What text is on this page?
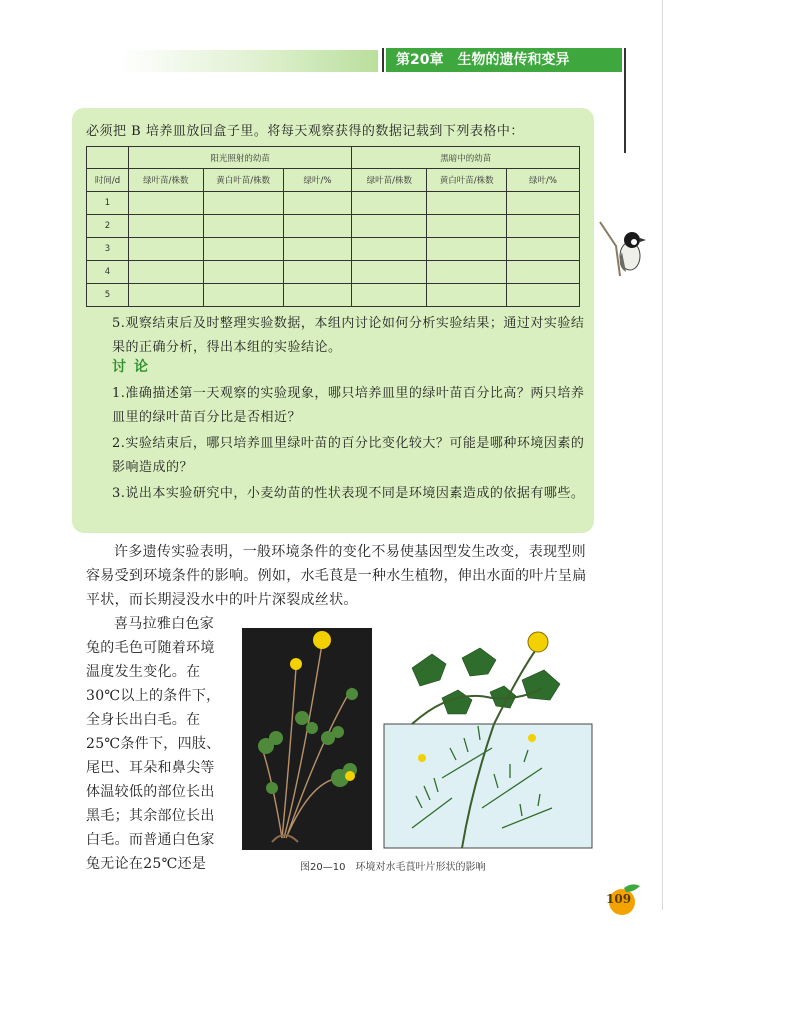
第20章 生物的遗传和变异
必须把 B 培养皿放回盒子里。将每天观察获得的数据记载到下列表格中：
	阳光照射的幼苗			黑暗中的幼苗		
时间/d	绿叶苗/株数	黄白叶苗/株数	绿叶/%	绿叶苗/株数	黄白叶苗/株数	绿叶/%
1						
2						
3						
4						
5						
5.观察结束后及时整理实验数据，本组内讨论如何分析实验结果；通过对实验结果的正确分析，得出本组的实验结论。
讨论
1.准确描述第一天观察的实验现象，哪只培养皿里的绿叶苗百分比高？两只培养皿里的绿叶苗百分比是否相近？
2.实验结束后，哪只培养皿里绿叶苗的百分比变化较大？可能是哪种环境因素的影响造成的？
3.说出本实验研究中，小麦幼苗的性状表现不同是环境因素造成的依据有哪些。

许多遗传实验表明，一般环境条件的变化不易使基因型发生改变，表现型则容易受到环境条件的影响。例如，水毛茛是一种水生植物，伸出水面的叶片呈扁平状，而长期浸没水中的叶片深裂成丝状。

喜马拉雅白色家兔的毛色可随着环境温度发生变化。在30℃以上的条件下，全身长出白毛。在25℃条件下，四肢、尾巴、耳朵和鼻尖等体温较低的部位长出黑毛；其余部位长出白毛。而普通白色家兔无论在25℃还是	图20—10　环境对水毛茛叶片形状的影响
109
